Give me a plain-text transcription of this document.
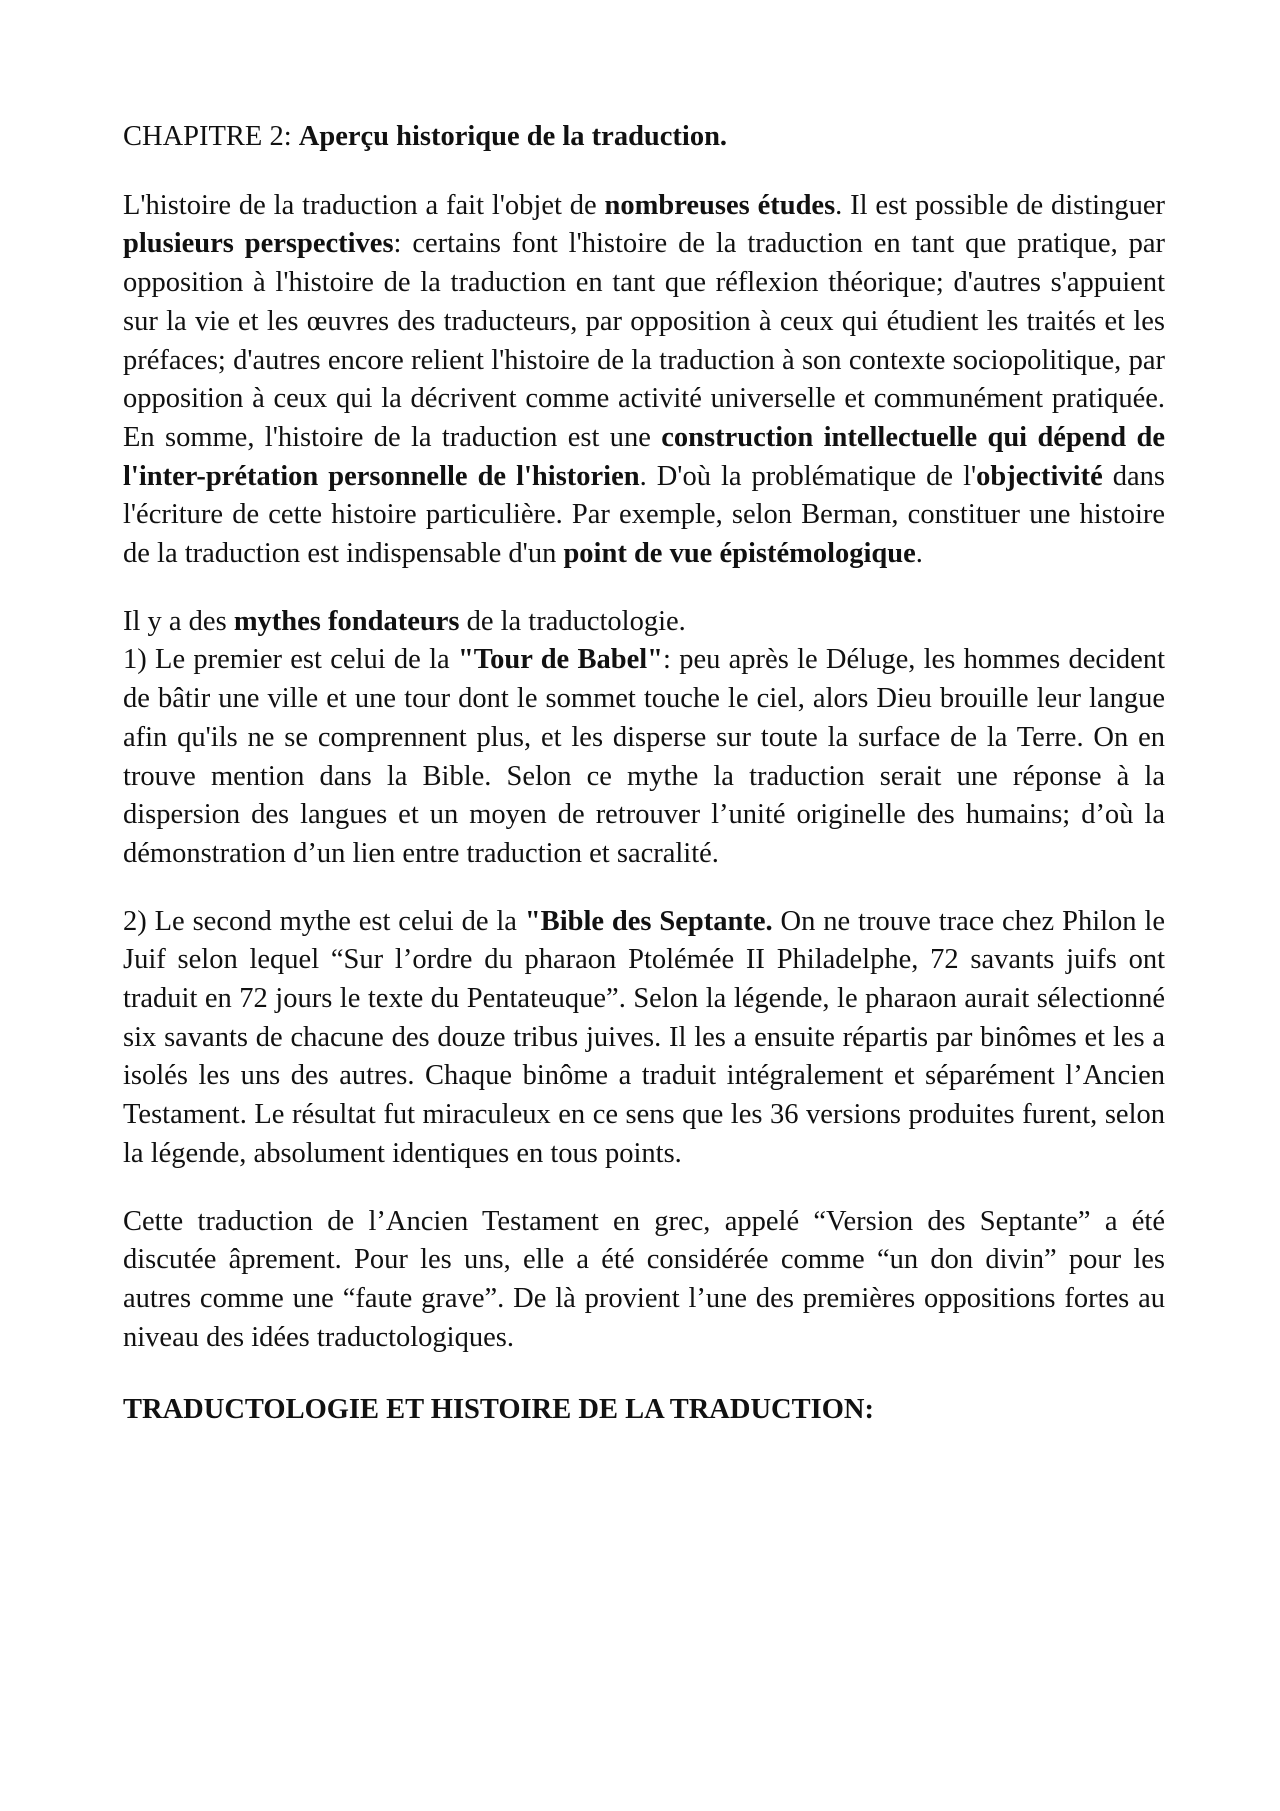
CHAPITRE 2: Aperçu historique de la traduction.

L'histoire de la traduction a fait l'objet de nombreuses études. Il est possible de distinguer plusieurs perspectives: certains font l'histoire de la traduction en tant que pratique, par opposition à l'histoire de la traduction en tant que réflexion théorique; d'autres s'appuient sur la vie et les œuvres des traducteurs, par opposition à ceux qui étudient les traités et les préfaces; d'autres encore relient l'histoire de la traduction à son contexte sociopolitique, par opposition à ceux qui la décrivent comme activité universelle et communément pratiquée. En somme, l'histoire de la traduction est une construction intellectuelle qui dépend de l'inter-prétation personnelle de l'historien. D'où la problématique de l'objectivité dans l'écriture de cette histoire particulière. Par exemple, selon Berman, constituer une histoire de la traduction est indispensable d'un point de vue épistémologique.

Il y a des mythes fondateurs de la traductologie.
1) Le premier est celui de la "Tour de Babel": peu après le Déluge, les hommes decident de bâtir une ville et une tour dont le sommet touche le ciel, alors Dieu brouille leur langue afin qu'ils ne se comprennent plus, et les disperse sur toute la surface de la Terre. On en trouve mention dans la Bible. Selon ce mythe la traduction serait une réponse à la dispersion des langues et un moyen de retrouver l’unité originelle des humains; d’où la démonstration d’un lien entre traduction et sacralité.

2) Le second mythe est celui de la "Bible des Septante. On ne trouve trace chez Philon le Juif selon lequel “Sur l’ordre du pharaon Ptolémée II Philadelphe, 72 savants juifs ont traduit en 72 jours le texte du Pentateuque”. Selon la légende, le pharaon aurait sélectionné six savants de chacune des douze tribus juives. Il les a ensuite répartis par binômes et les a isolés les uns des autres. Chaque binôme a traduit intégralement et séparément l’Ancien Testament. Le résultat fut miraculeux en ce sens que les 36 versions produites furent, selon la légende, absolument identiques en tous points.

Cette traduction de l’Ancien Testament en grec, appelé “Version des Septante” a été discutée âprement. Pour les uns, elle a été considérée comme “un don divin” pour les autres comme une “faute grave”. De là provient l’une des premières oppositions fortes au niveau des idées traductologiques.

TRADUCTOLOGIE ET HISTOIRE DE LA TRADUCTION:
